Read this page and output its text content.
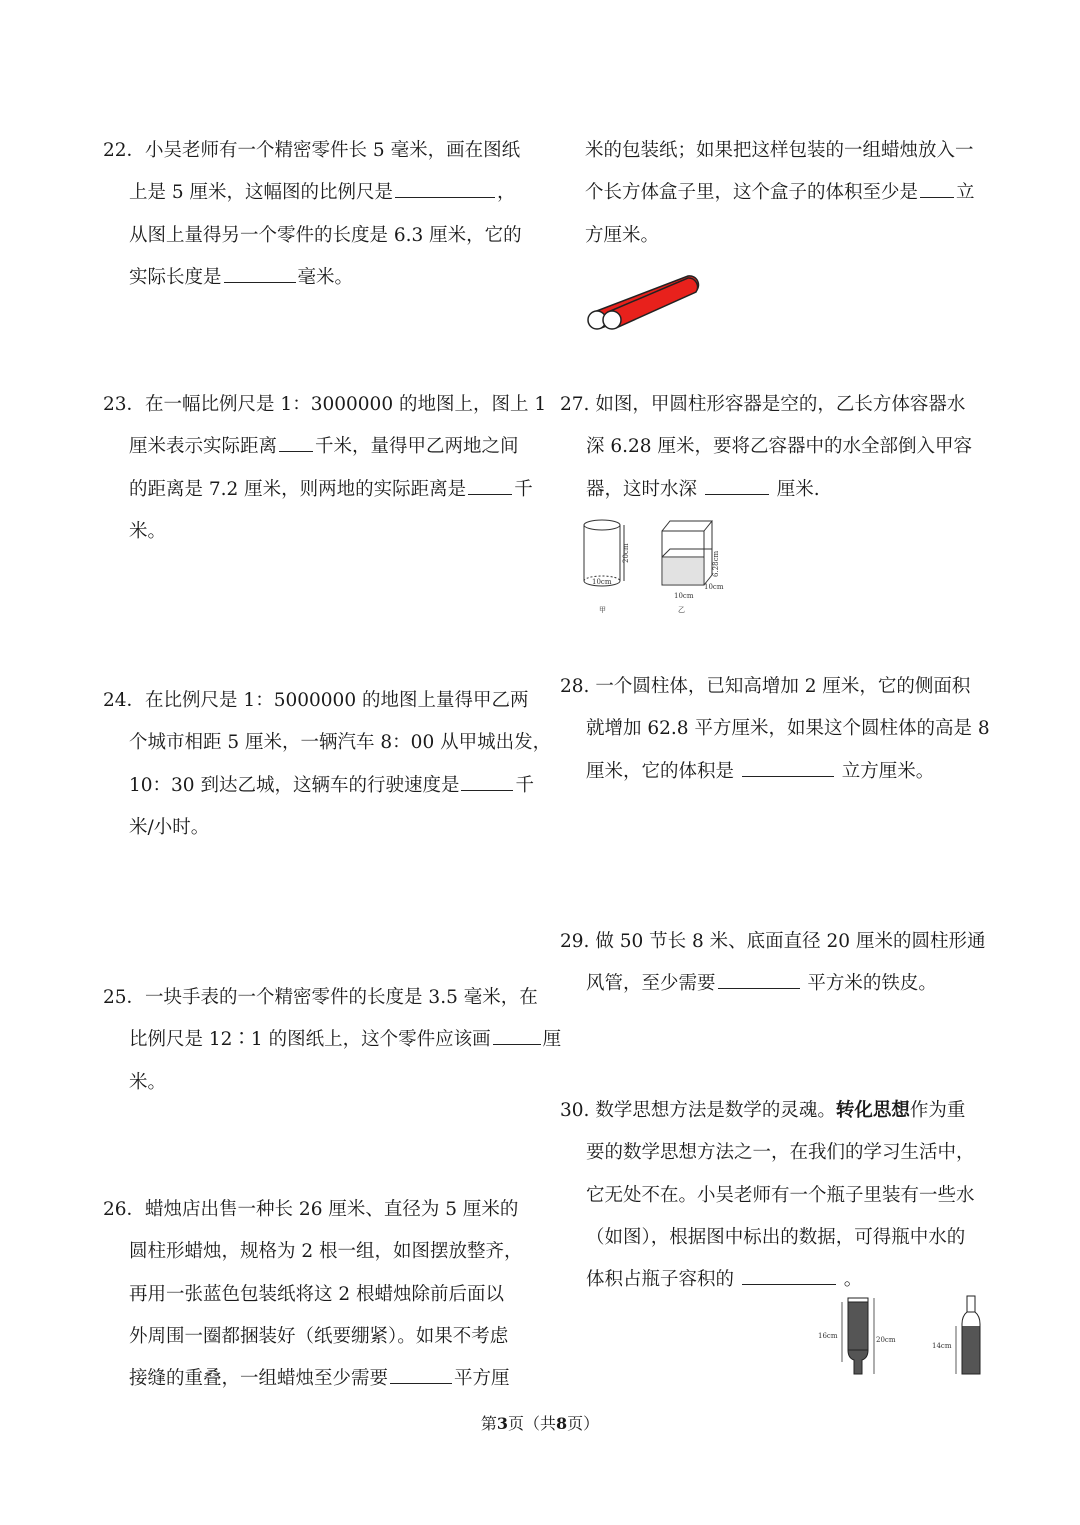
22．小吴老师有一个精密零件长 5 毫米，画在图纸
上是 5 厘米，这幅图的比例尺是	，
从图上量得另一个零件的长度是 6.3 厘米，它的
实际长度是	毫米。
23．在一幅比例尺是 1：3000000 的地图上，图上 1
厘米表示实际距离 千米，量得甲乙两地之间
的距离是 7.2 厘米，则两地的实际距离是	千
米。
24．在比例尺是 1：5000000 的地图上量得甲乙两
个城市相距 5 厘米，一辆汽车 8：00 从甲城出发，
10：30 到达乙城，这辆车的行驶速度是	千
米/小时。
25．一块手表的一个精密零件的长度是 3.5 毫米，在
比例尺是 12∶1 的图纸上，这个零件应该画	厘
米。
26．蜡烛店出售一种长 26 厘米、直径为 5 厘米的
圆柱形蜡烛，规格为 2 根一组，如图摆放整齐，
再用一张蓝色包装纸将这 2 根蜡烛除前后面以
外周围一圈都捆装好（纸要绷紧）。如果不考虑
接缝的重叠，一组蜡烛至少需要	平方厘
米的包装纸；如果把这样包装的一组蜡烛放入一
个长方体盒子里，这个盒子的体积至少是 立
方厘米。
27. 如图，甲圆柱形容器是空的，乙长方体容器水
深 6.28 厘米，要将乙容器中的水全部倒入甲容
器，这时水深	厘米.
20cm
10cm
甲
6.28cm
10cm
10cm
乙
28. 一个圆柱体，已知高增加 2 厘米，它的侧面积
就增加 62.8 平方厘米，如果这个圆柱体的高是 8
厘米，它的体积是	立方厘米。
29. 做 50 节长 8 米、底面直径 20 厘米的圆柱形通
风管，至少需要	平方米的铁皮。
30. 数学思想方法是数学的灵魂。转化思想作为重
要的数学思想方法之一，在我们的学习生活中，
它无处不在。小吴老师有一个瓶子里装有一些水
（如图），根据图中标出的数据，可得瓶中水的
体积占瓶子容积的	。
16cm	20cm
14cm
第3页（共8页）
